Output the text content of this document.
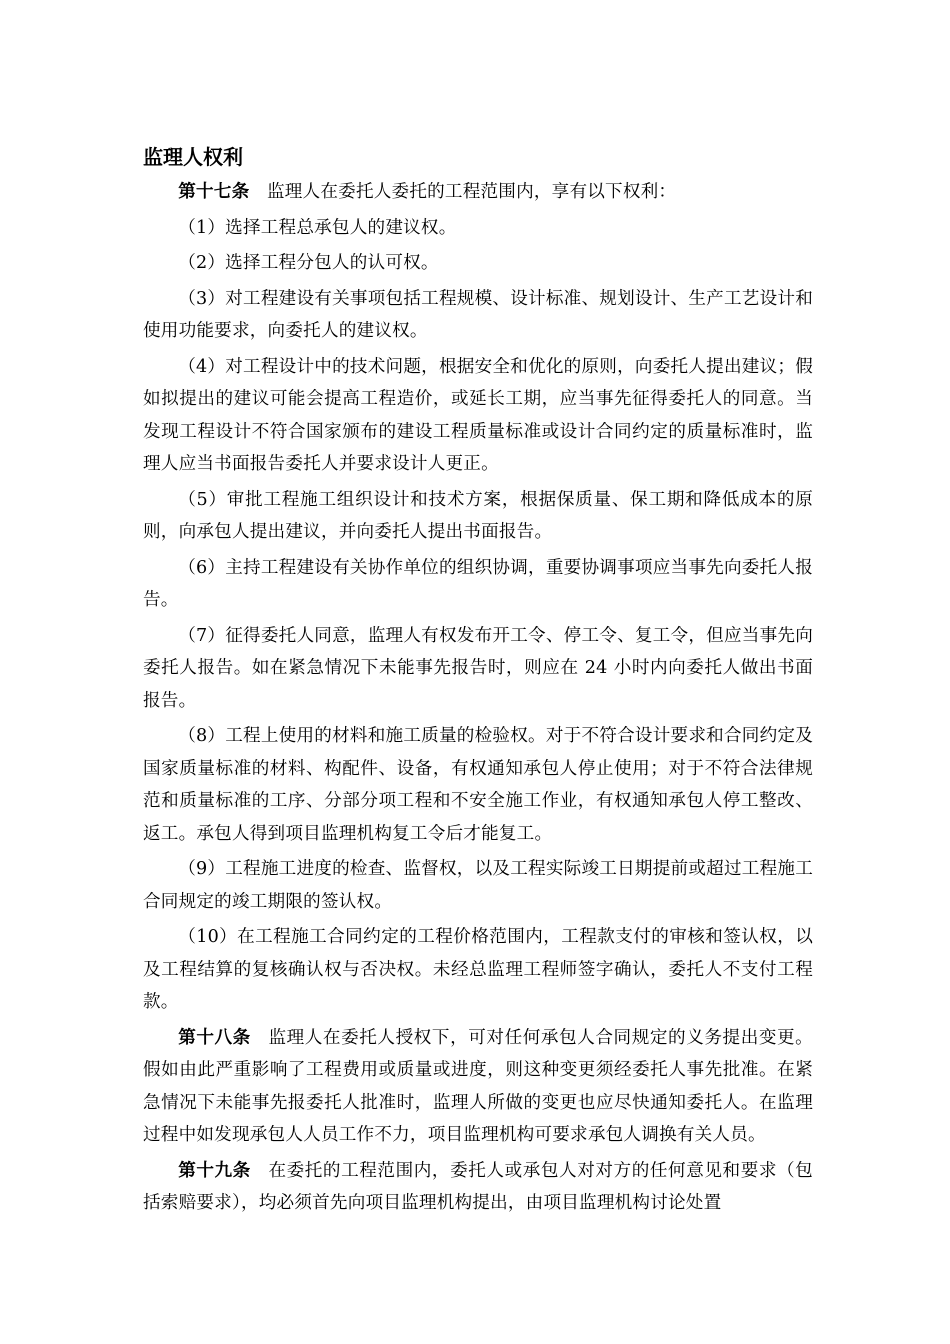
监理人权利

第十七条 监理人在委托人委托的工程范围内，享有以下权利：

（1）选择工程总承包人的建议权。

（2）选择工程分包人的认可权。

（3）对工程建设有关事项包括工程规模、设计标准、规划设计、生产工艺设计和使用功能要求，向委托人的建议权。

（4）对工程设计中的技术问题，根据安全和优化的原则，向委托人提出建议；假如拟提出的建议可能会提高工程造价，或延长工期，应当事先征得委托人的同意。当发现工程设计不符合国家颁布的建设工程质量标准或设计合同约定的质量标准时，监理人应当书面报告委托人并要求设计人更正。

（5）审批工程施工组织设计和技术方案，根据保质量、保工期和降低成本的原则，向承包人提出建议，并向委托人提出书面报告。

（6）主持工程建设有关协作单位的组织协调，重要协调事项应当事先向委托人报告。

（7）征得委托人同意，监理人有权发布开工令、停工令、复工令，但应当事先向委托人报告。如在紧急情况下未能事先报告时，则应在 24 小时内向委托人做出书面报告。

（8）工程上使用的材料和施工质量的检验权。对于不符合设计要求和合同约定及国家质量标准的材料、构配件、设备，有权通知承包人停止使用；对于不符合法律规范和质量标准的工序、分部分项工程和不安全施工作业，有权通知承包人停工整改、返工。承包人得到项目监理机构复工令后才能复工。

（9）工程施工进度的检查、监督权，以及工程实际竣工日期提前或超过工程施工合同规定的竣工期限的签认权。

（10）在工程施工合同约定的工程价格范围内，工程款支付的审核和签认权，以及工程结算的复核确认权与否决权。未经总监理工程师签字确认，委托人不支付工程款。

第十八条 监理人在委托人授权下，可对任何承包人合同规定的义务提出变更。假如由此严重影响了工程费用或质量或进度，则这种变更须经委托人事先批准。在紧急情况下未能事先报委托人批准时，监理人所做的变更也应尽快通知委托人。在监理过程中如发现承包人人员工作不力，项目监理机构可要求承包人调换有关人员。

第十九条 在委托的工程范围内，委托人或承包人对对方的任何意见和要求（包括索赔要求），均必须首先向项目监理机构提出，由项目监理机构讨论处置
